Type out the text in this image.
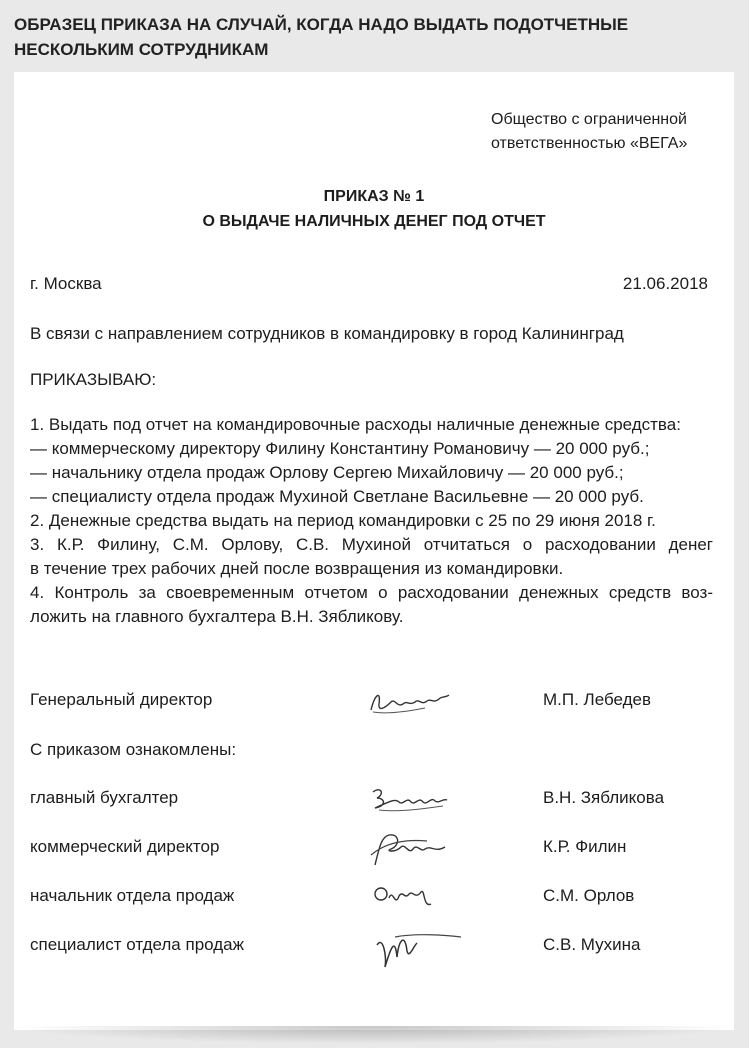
ОБРАЗЕЦ ПРИКАЗА НА СЛУЧАЙ, КОГДА НАДО ВЫДАТЬ ПОДОТЧЕТНЫЕ
НЕСКОЛЬКИМ СОТРУДНИКАМ
Общество с ограниченной
ответственностью «ВЕГА»
ПРИКАЗ № 1
О ВЫДАЧЕ НАЛИЧНЫХ ДЕНЕГ ПОД ОТЧЕТ
г. Москва	21.06.2018

В связи с направлением сотрудников в командировку в город Калининград

ПРИКАЗЫВАЮ:

1. Выдать под отчет на командировочные расходы наличные денежные средства:

— коммерческому директору Филину Константину Романовичу — 20 000 руб.;

— начальнику отдела продаж Орлову Сергею Михайловичу — 20 000 руб.;

— специалисту отдела продаж Мухиной Светлане Васильевне — 20 000 руб.

2. Денежные средства выдать на период командировки с 25 по 29 июня 2018 г.

3. К.Р. Филину, С.М. Орлову, С.В. Мухиной отчитаться о расходовании денег

в течение трех рабочих дней после возвращения из командировки.

4. Контроль за своевременным отчетом о расходовании денежных средств воз-

ложить на главного бухгалтера В.Н. Зябликову.

Генеральный директор	М.П. Лебедев
С приказом ознакомлены:
главный бухгалтер	В.Н. Зябликова
коммерческий директор	К.Р. Филин
начальник отдела продаж	С.М. Орлов
специалист отдела продаж	С.В. Мухина
